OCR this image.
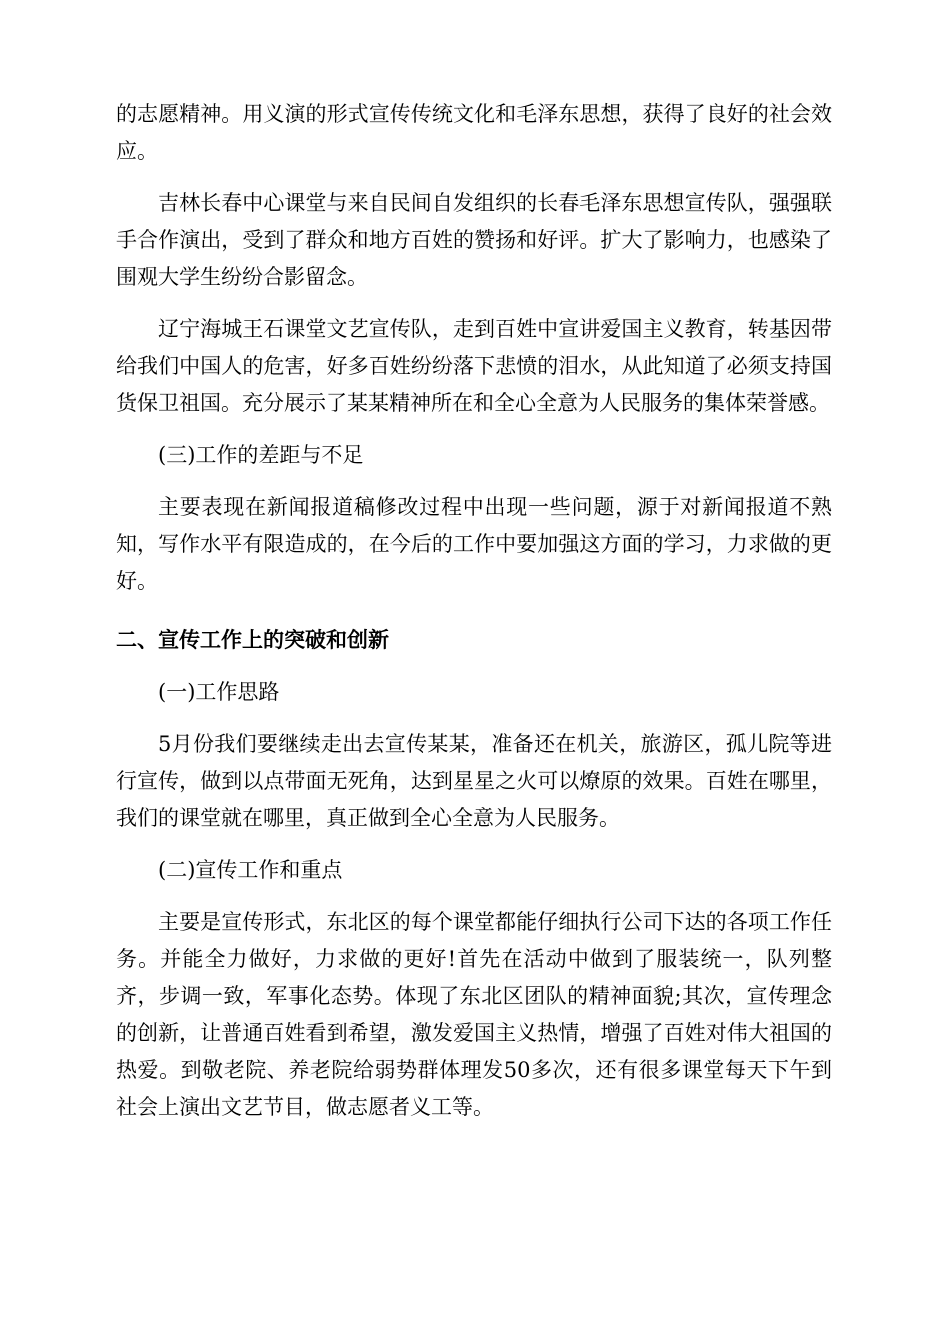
的志愿精神。用义演的形式宣传传统文化和毛泽东思想，获得了良好的社会效应。

吉林长春中心课堂与来自民间自发组织的长春毛泽东思想宣传队，强强联手合作演出，受到了群众和地方百姓的赞扬和好评。扩大了影响力，也感染了围观大学生纷纷合影留念。

辽宁海城王石课堂文艺宣传队，走到百姓中宣讲爱国主义教育，转基因带给我们中国人的危害，好多百姓纷纷落下悲愤的泪水，从此知道了必须支持国货保卫祖国。充分展示了某某精神所在和全心全意为人民服务的集体荣誉感。

(三)工作的差距与不足

主要表现在新闻报道稿修改过程中出现一些问题，源于对新闻报道不熟知，写作水平有限造成的，在今后的工作中要加强这方面的学习，力求做的更好。

二、宣传工作上的突破和创新

(一)工作思路

5月份我们要继续走出去宣传某某，准备还在机关，旅游区，孤儿院等进行宣传，做到以点带面无死角，达到星星之火可以燎原的效果。百姓在哪里，我们的课堂就在哪里，真正做到全心全意为人民服务。

(二)宣传工作和重点

主要是宣传形式，东北区的每个课堂都能仔细执行公司下达的各项工作任务。并能全力做好，力求做的更好!首先在活动中做到了服装统一，队列整齐，步调一致，军事化态势。体现了东北区团队的精神面貌;其次，宣传理念的创新，让普通百姓看到希望，激发爱国主义热情，增强了百姓对伟大祖国的热爱。到敬老院、养老院给弱势群体理发50多次，还有很多课堂每天下午到社会上演出文艺节目，做志愿者义工等。
